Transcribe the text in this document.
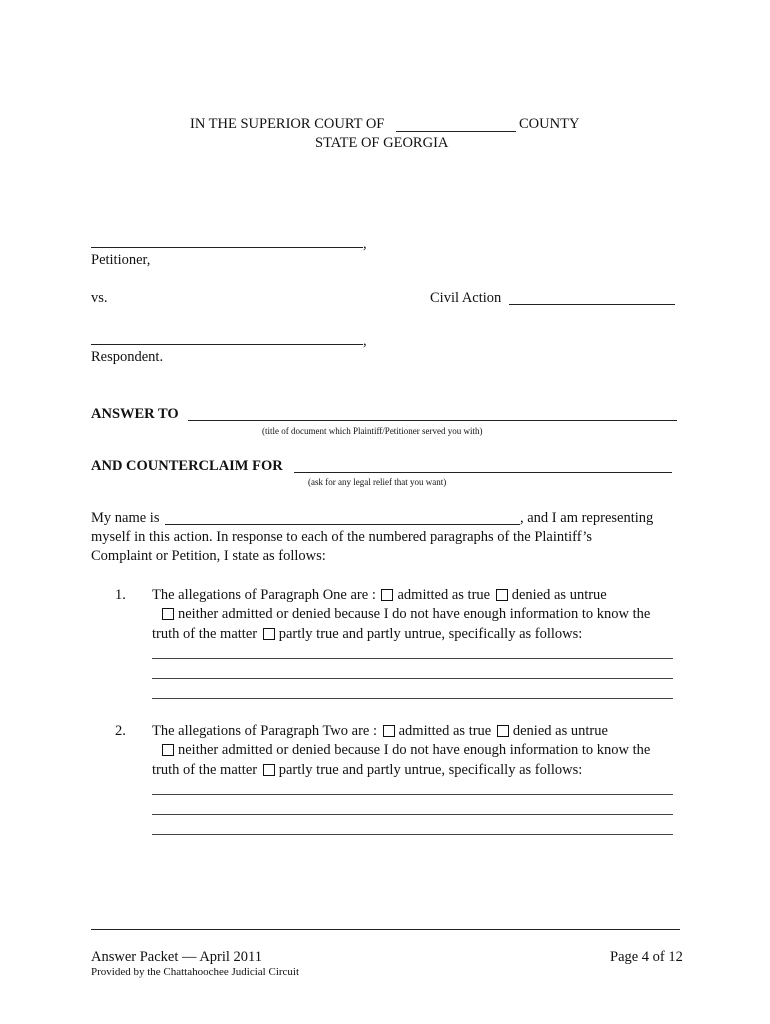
IN THE SUPERIOR COURT OF	COUNTY
STATE OF GEORGIA
,
Petitioner,
vs.	Civil Action
,
Respondent.
ANSWER TO
(title of document which Plaintiff/Petitioner served you with)
AND COUNTERCLAIM FOR
(ask for any legal relief that you want)
My name is	, and I am representing
myself in this action. In response to each of the numbered paragraphs of the Plaintiff’s
Complaint or Petition, I state as follows:
1. The allegations of Paragraph One are : admitted as true denied as untrue
neither admitted or denied because I do not have enough information to know the
truth of the matter partly true and partly untrue, specifically as follows:
2. The allegations of Paragraph Two are : admitted as true denied as untrue
neither admitted or denied because I do not have enough information to know the
truth of the matter partly true and partly untrue, specifically as follows:
Answer Packet — April 2011	Page 4 of 12
Provided by the Chattahoochee Judicial Circuit
